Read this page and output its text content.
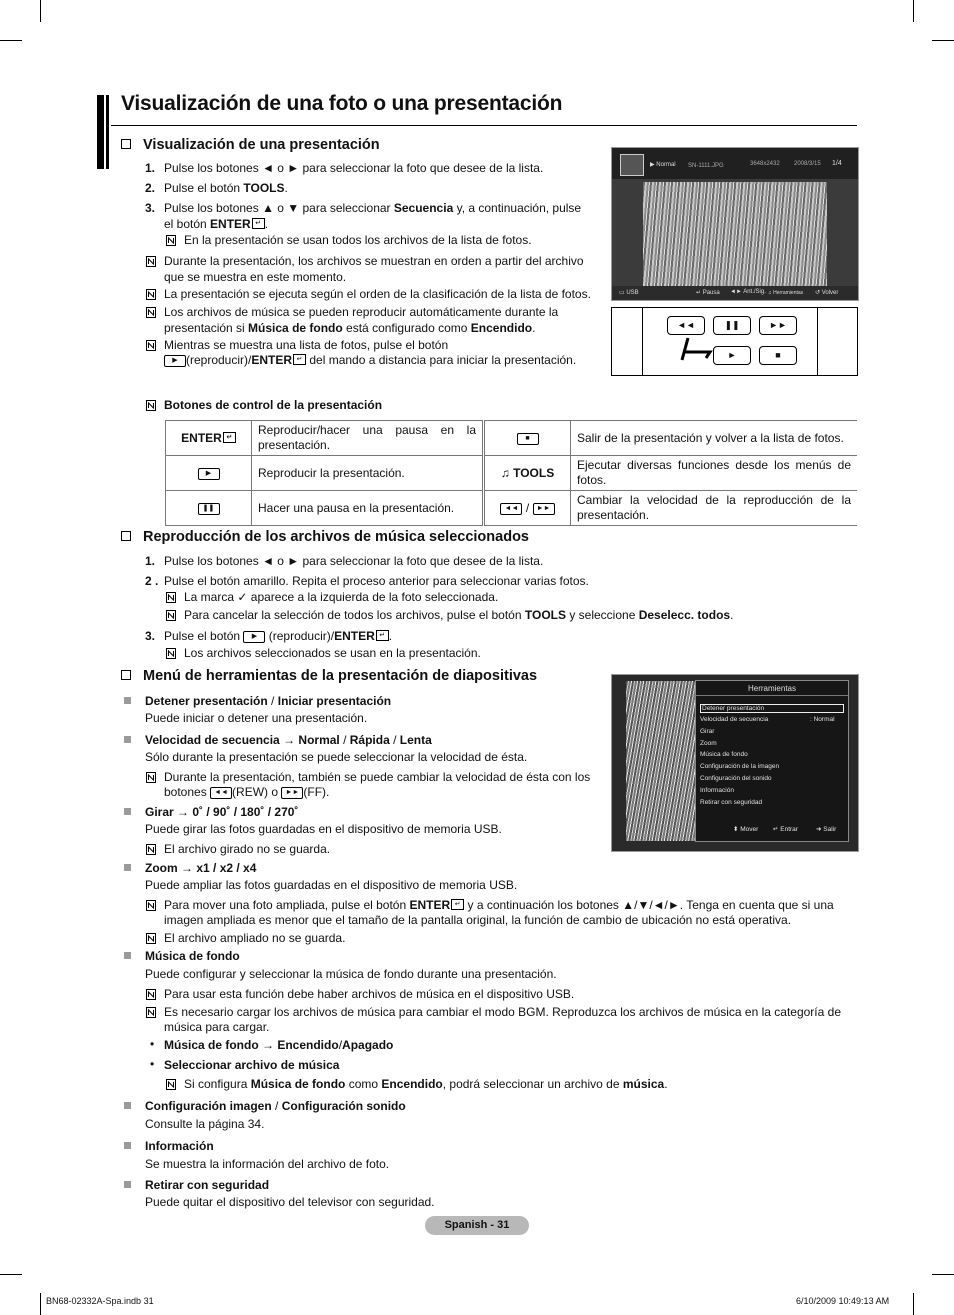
Visualización de una foto o una presentación
Visualización de una presentación
1. Pulse los botones ◄ o ► para seleccionar la foto que desee de la lista.
2. Pulse el botón TOOLS.
3. Pulse los botones ▲ o ▼ para seleccionar Secuencia y, a continuación, pulse
el botón ENTER ↵ .
En la presentación se usan todos los archivos de la lista de fotos.
Durante la presentación, los archivos se muestran en orden a partir del archivo
que se muestra en este momento.
La presentación se ejecuta según el orden de la clasificación de la lista de fotos.
Los archivos de música se pueden reproducir automáticamente durante la
presentación si Música de fondo está configurado como Encendido.
Mientras se muestra una lista de fotos, pulse el botón
▶ (reproducir)/ENTER ↵ del mando a distancia para iniciar la presentación.
▶ Normal SN-1111.JPG	3648x2432 2008/3/15 1/4
▭ USB	↵ Pausa ◄► Ant./Sig. ♫ Herramientas ↺ Volver
◄◄	❚❚	►►
►	■
Botones de control de la presentación
ENTER ↵	Reproducir/hacer una pausa en la presentación.	■	Salir de la presentación y volver a la lista de fotos.
▶	Reproducir la presentación.	♫ TOOLS	Ejecutar diversas funciones desde los menús de fotos.
❚❚	Hacer una pausa en la presentación.	◄◄ / ►►	Cambiar la velocidad de la reproducción de la presentación.
Reproducción de los archivos de música seleccionados
1. Pulse los botones ◄ o ► para seleccionar la foto que desee de la lista.
2 . Pulse el botón amarillo. Repita el proceso anterior para seleccionar varias fotos.
La marca ✓ aparece a la izquierda de la foto seleccionada.
Para cancelar la selección de todos los archivos, pulse el botón TOOLS y seleccione Deselecc. todos.
3. Pulse el botón ▶ (reproducir)/ENTER ↵ .
Los archivos seleccionados se usan en la presentación.
Menú de herramientas de la presentación de diapositivas
Detener presentación / Iniciar presentación
Puede iniciar o detener una presentación.
Velocidad de secuencia → Normal / Rápida / Lenta
Sólo durante la presentación se puede seleccionar la velocidad de ésta.
Durante la presentación, también se puede cambiar la velocidad de ésta con los
botones ◄◄ (REW) o ►► (FF).
Girar → 0˚ / 90˚ / 180˚ / 270˚
Puede girar las fotos guardadas en el dispositivo de memoria USB.
El archivo girado no se guarda.
Zoom → x1 / x2 / x4
Puede ampliar las fotos guardadas en el dispositivo de memoria USB.
Para mover una foto ampliada, pulse el botón ENTER ↵ y a continuación los botones ▲/▼/◄/►. Tenga en cuenta que si una
imagen ampliada es menor que el tamaño de la pantalla original, la función de cambio de ubicación no está operativa.
El archivo ampliado no se guarda.
Música de fondo
Puede configurar y seleccionar la música de fondo durante una presentación.
Para usar esta función debe haber archivos de música en el dispositivo USB.
Es necesario cargar los archivos de música para cambiar el modo BGM. Reproduzca los archivos de música en la categoría de
música para cargar.
• Música de fondo → Encendido/Apagado
• Seleccionar archivo de música
Si configura Música de fondo como Encendido, podrá seleccionar un archivo de música.
Configuración imagen / Configuración sonido
Consulte la página 34.
Información
Se muestra la información del archivo de foto.
Retirar con seguridad
Puede quitar el dispositivo del televisor con seguridad.
Herramientas
Detener presentación
Velocidad de secuencia	: Normal
Girar
Zoom
Música de fondo
Configuración de la imagen
Configuración del sonido
Información
Retirar con seguridad
⬍ Mover ↵ Entrar	➜ Salir
Spanish - 31
BN68-02332A-Spa.indb 31	6/10/2009 10:49:13 AM
